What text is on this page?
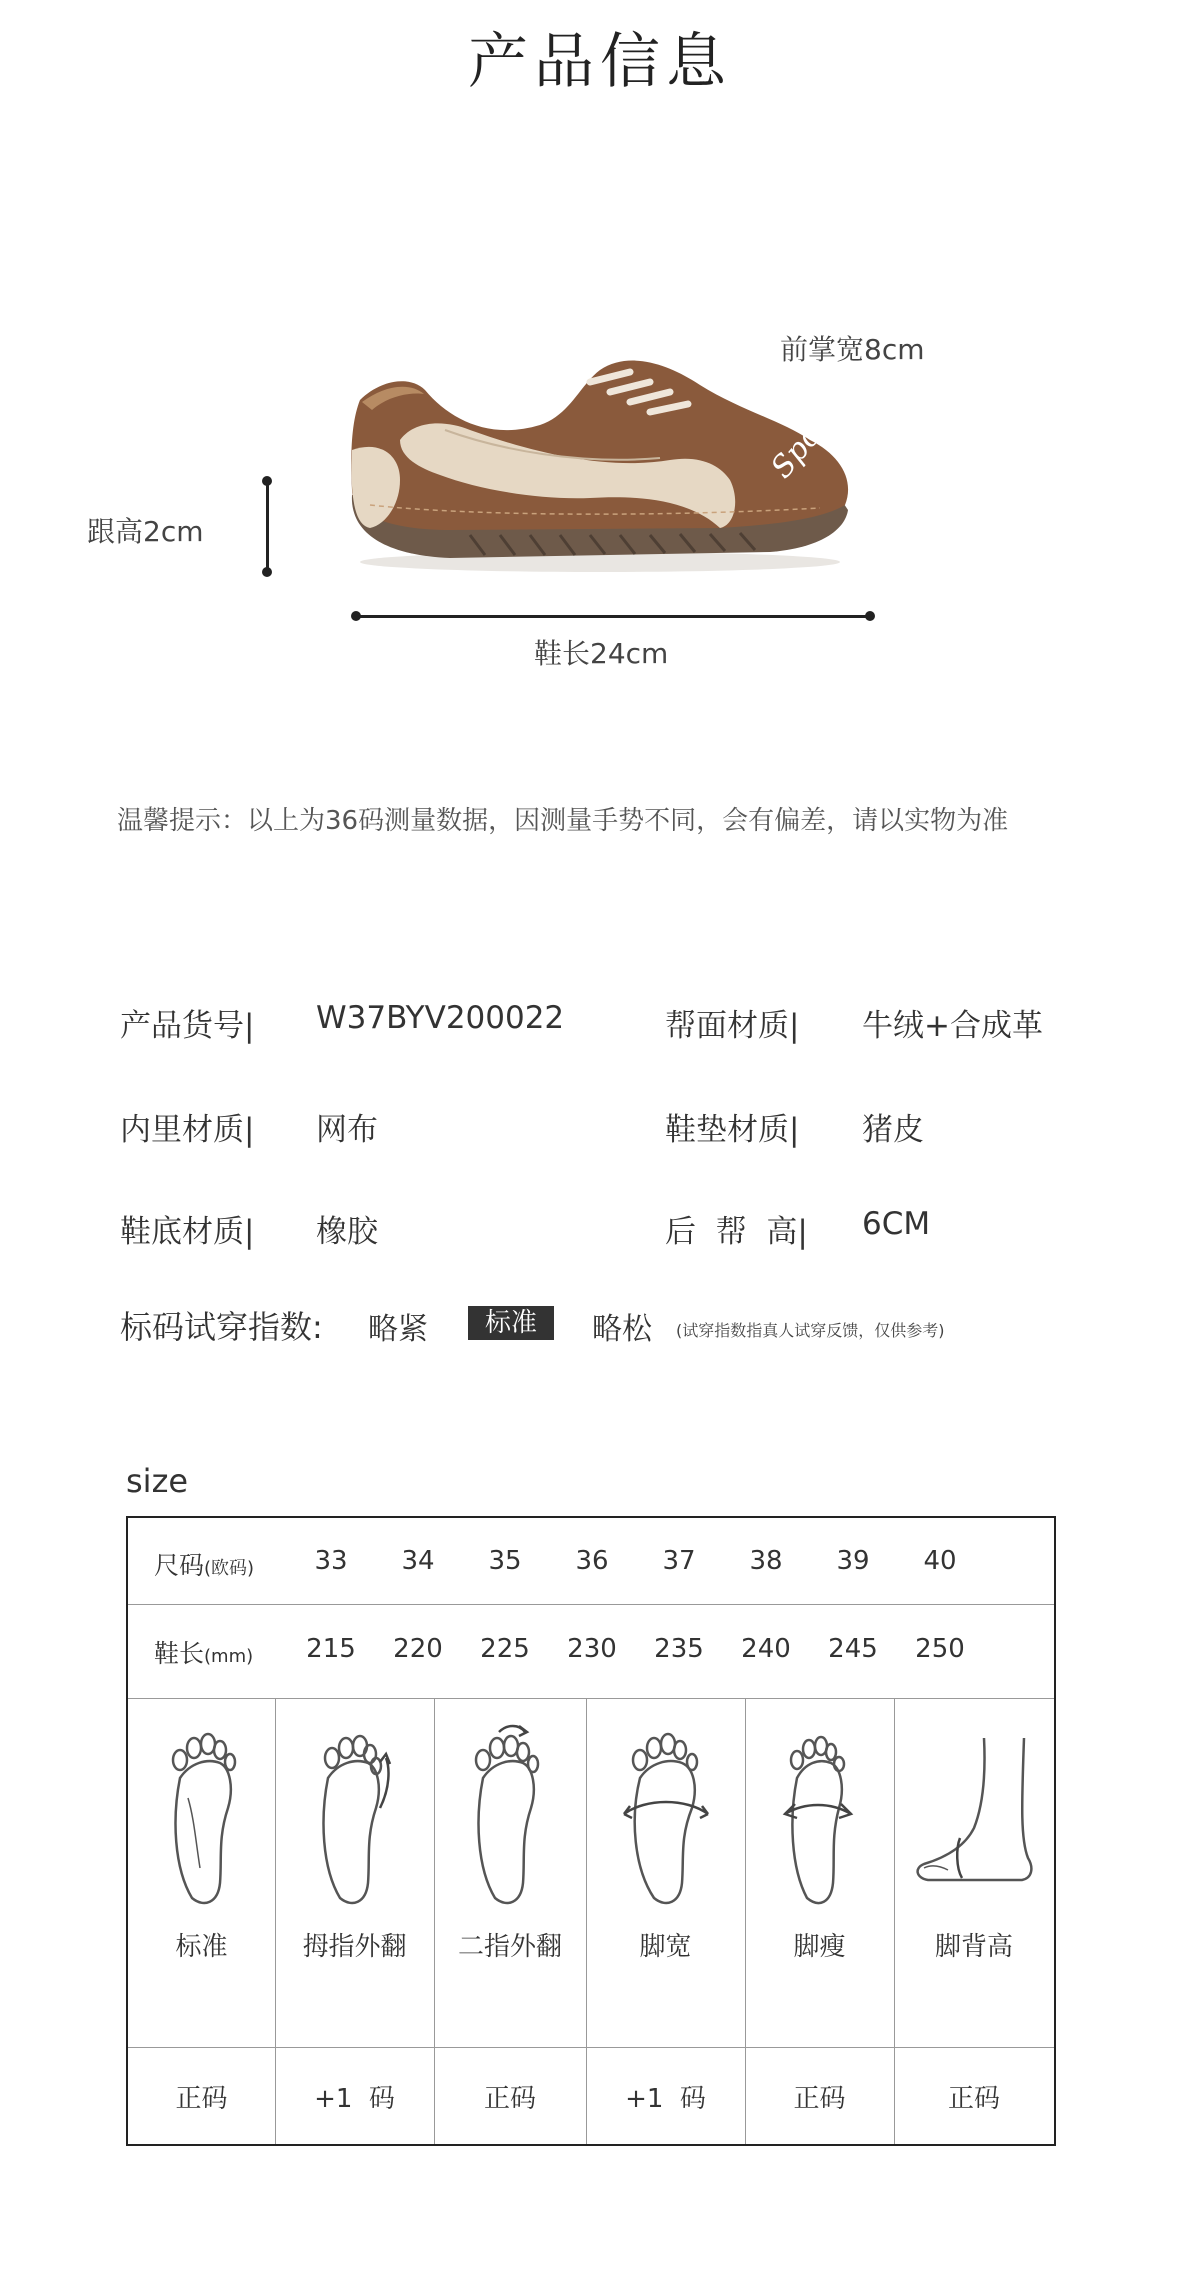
产品信息
Sport
前掌宽8cm
跟高2cm
鞋长24cm
温馨提示：以上为36码测量数据，因测量手势不同，会有偏差，请以实物为准
产品货号| W37BYV200022	帮面材质| 牛绒+合成革
内里材质| 网布	鞋垫材质| 猪皮
鞋底材质| 橡胶	后  帮  高| 6CM
标码试穿指数: 略紧	标准	略松 (试穿指数指真人试穿反馈，仅供参考)
size
尺码(欧码)	33	34	35	36	37	38	39	40
鞋长(mm)	215	220	225	230	235	240	245	250
标准	拇指外翻	二指外翻	脚宽	脚瘦	脚背高
正码	+1  码	正码	+1  码	正码	正码
